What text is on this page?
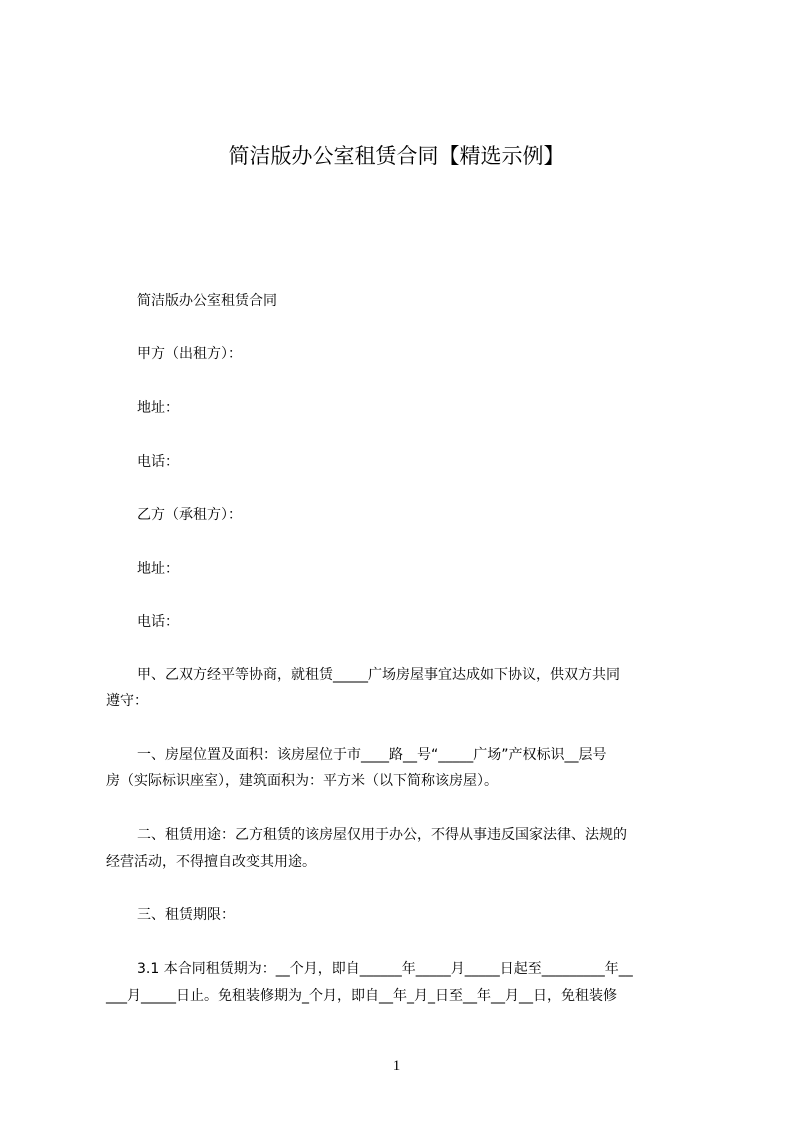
简洁版办公室租赁合同【精选示例】
简洁版办公室租赁合同
甲方（出租方）：
地址：
电话：
乙方（承租方）：
地址：
电话：
甲、乙双方经平等协商，就租赁_____广场房屋事宜达成如下协议，供双方共同
遵守：
一、房屋位置及面积：该房屋位于市____路__号“_____广场”产权标识__层号
房（实际标识座室），建筑面积为：平方米（以下简称该房屋）。
二、租赁用途：乙方租赁的该房屋仅用于办公，不得从事违反国家法律、法规的
经营活动，不得擅自改变其用途。
三、租赁期限：
3.1 本合同租赁期为：__个月，即自______年_____月_____日起至_________年__
___月_____日止。免租装修期为_个月，即自__年_月_日至__年__月__日，免租装修
1
